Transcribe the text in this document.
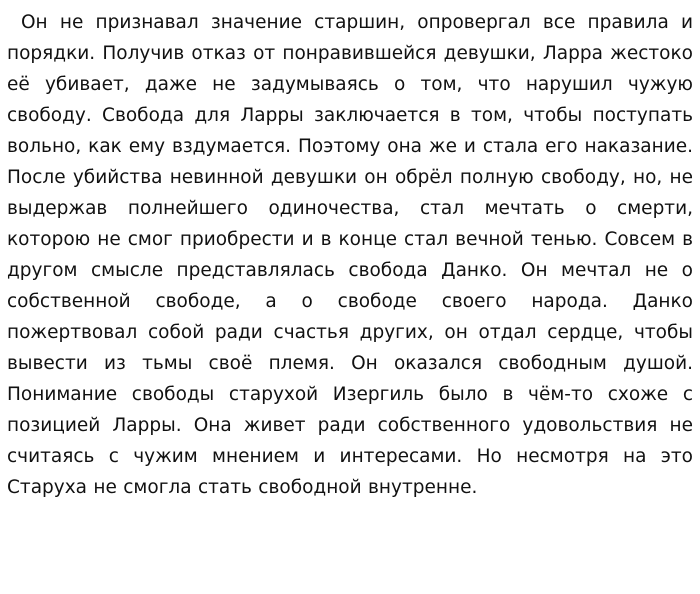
Он не признавал значение старшин, опровергал все правила и порядки. Получив отказ от понравившейся девушки, Ларра жестоко её убивает, даже не задумываясь о том, что нарушил чужую свободу. Свобода для Ларры заключается в том, чтобы поступать вольно, как ему вздумается. Поэтому она же и стала его наказание. После убийства невинной девушки он обрёл полную свободу, но, не выдержав полнейшего одиночества, стал мечтать о смерти, которою не смог приобрести и в конце стал вечной тенью. Совсем в другом смысле представлялась свобода Данко. Он мечтал не о собственной свободе, а о свободе своего народа. Данко пожертвовал собой ради счастья других, он отдал сердце, чтобы вывести из тьмы своё племя. Он оказался свободным душой. Понимание свободы старухой Изергиль было в чём-то схоже с позицией Ларры. Она живет ради собственного удовольствия не считаясь с чужим мнением и интересами. Но несмотря на это Старуха не смогла стать свободной внутренне.
